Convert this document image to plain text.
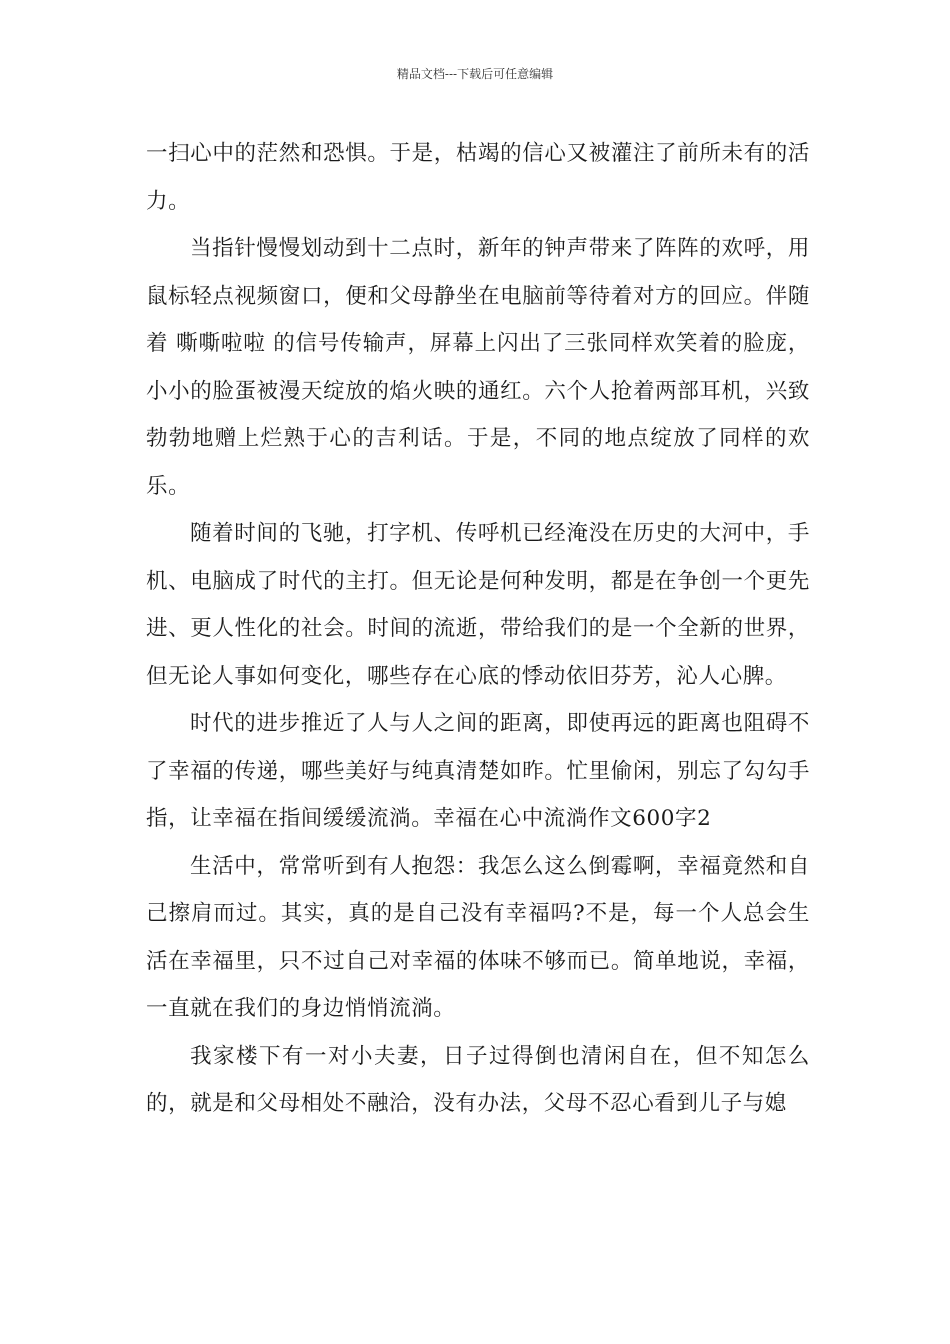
精品文档---下载后可任意编辑

一扫心中的茫然和恐惧。于是，枯竭的信心又被灌注了前所未有的活力。

当指针慢慢划动到十二点时，新年的钟声带来了阵阵的欢呼，用鼠标轻点视频窗口，便和父母静坐在电脑前等待着对方的回应。伴随着 嘶嘶啦啦 的信号传输声，屏幕上闪出了三张同样欢笑着的脸庞，小小的脸蛋被漫天绽放的焰火映的通红。六个人抢着两部耳机，兴致勃勃地赠上烂熟于心的吉利话。于是，不同的地点绽放了同样的欢乐。

随着时间的飞驰，打字机、传呼机已经淹没在历史的大河中，手机、电脑成了时代的主打。但无论是何种发明，都是在争创一个更先进、更人性化的社会。时间的流逝，带给我们的是一个全新的世界，但无论人事如何变化，哪些存在心底的悸动依旧芬芳，沁人心脾。

时代的进步推近了人与人之间的距离，即使再远的距离也阻碍不了幸福的传递，哪些美好与纯真清楚如昨。忙里偷闲，别忘了勾勾手指，让幸福在指间缓缓流淌。幸福在心中流淌作文600字2

生活中，常常听到有人抱怨：我怎么这么倒霉啊，幸福竟然和自己擦肩而过。其实，真的是自己没有幸福吗?不是，每一个人总会生活在幸福里，只不过自己对幸福的体味不够而已。简单地说，幸福，一直就在我们的身边悄悄流淌。

我家楼下有一对小夫妻，日子过得倒也清闲自在，但不知怎么的，就是和父母相处不融洽，没有办法，父母不忍心看到儿子与媳
